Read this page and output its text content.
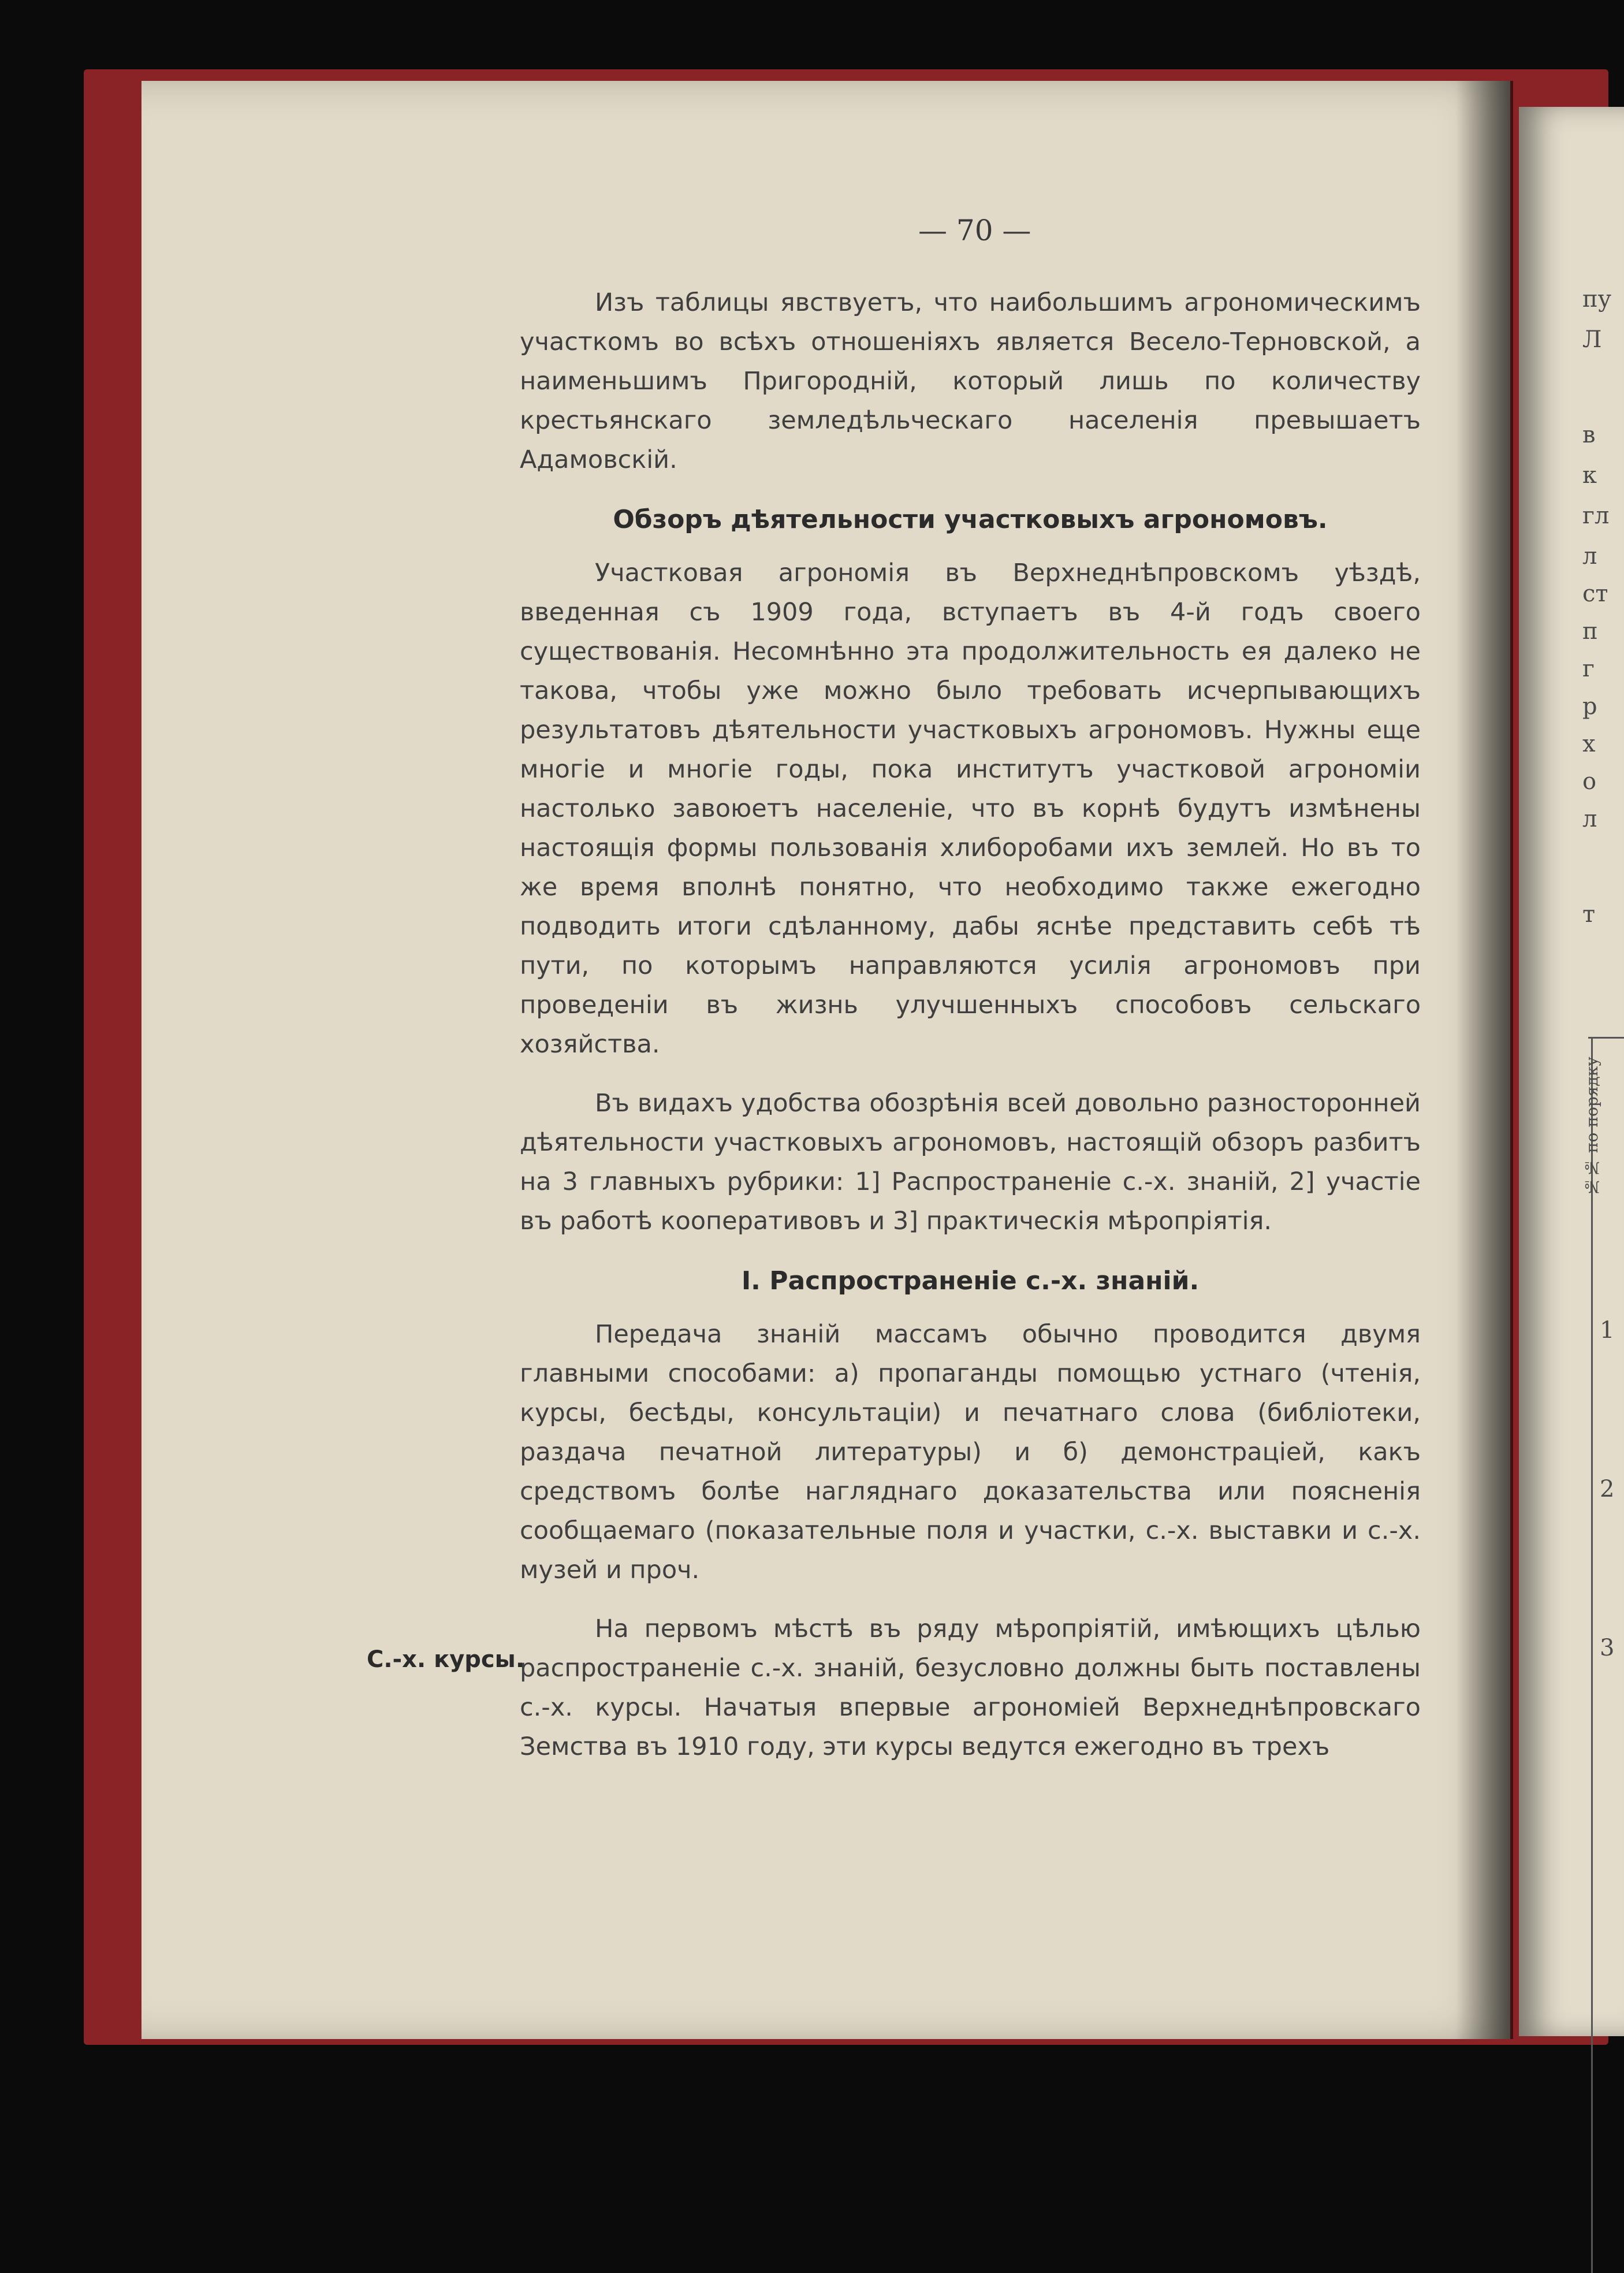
— 70 —

Изъ таблицы явствуетъ, что наибольшимъ агрономическимъ участкомъ во всѣхъ отношеніяхъ является Весело-Терновской, а наименьшимъ Пригородній, который лишь по количеству крестьянскаго земледѣльческаго населенія превышаетъ Адамовскій.

Обзоръ дѣятельности участковыхъ агрономовъ.

Участковая агрономія въ Верхнеднѣпровскомъ уѣздѣ, введенная съ 1909 года, вступаетъ въ 4-й годъ своего существованія. Несомнѣнно эта продолжительность ея далеко не такова, чтобы уже можно было требовать исчерпывающихъ результатовъ дѣятельности участковыхъ агрономовъ. Нужны еще многіе и многіе годы, пока институтъ участковой агрономіи настолько завоюетъ населеніе, что въ корнѣ будутъ измѣнены настоящія формы пользованія хлиборобами ихъ землей. Но въ то же время вполнѣ понятно, что необходимо также ежегодно подводить итоги сдѣланному, дабы яснѣе представить себѣ тѣ пути, по которымъ направляются усилія агрономовъ при проведеніи въ жизнь улучшенныхъ способовъ сельскаго хозяйства.

Въ видахъ удобства обозрѣнія всей довольно разносторонней дѣятельности участковыхъ агрономовъ, настоящій обзоръ разбитъ на 3 главныхъ рубрики: 1] Распространеніе с.-х. знаній, 2] участіе въ работѣ кооперативовъ и 3] практическія мѣропріятія.

I. Распространеніе с.-х. знаній.

Передача знаній массамъ обычно проводится двумя главными способами: а) пропаганды помощью устнаго (чтенія, курсы, бесѣды, консультаціи) и печатнаго слова (библіотеки, раздача печатной литературы) и б) демонстраціей, какъ средствомъ болѣе нагляднаго доказательства или поясненія сообщаемаго (показательные поля и участки, с.-х. выставки и с.-х. музей и проч.

На первомъ мѣстѣ въ ряду мѣропріятій, имѣющихъ цѣлью распространеніе с.-х. знаній, безусловно должны быть поставлены с.-х. курсы. Начатыя впервые агрономіей Верхнеднѣпровскаго Земства въ 1910 году, эти курсы ведутся ежегодно въ трехъ

С.-х. курсы.
пу
Л
в
к
гл
л
ст
п
г
р
х
о
л
т
№№ по порядку
1
2
3
